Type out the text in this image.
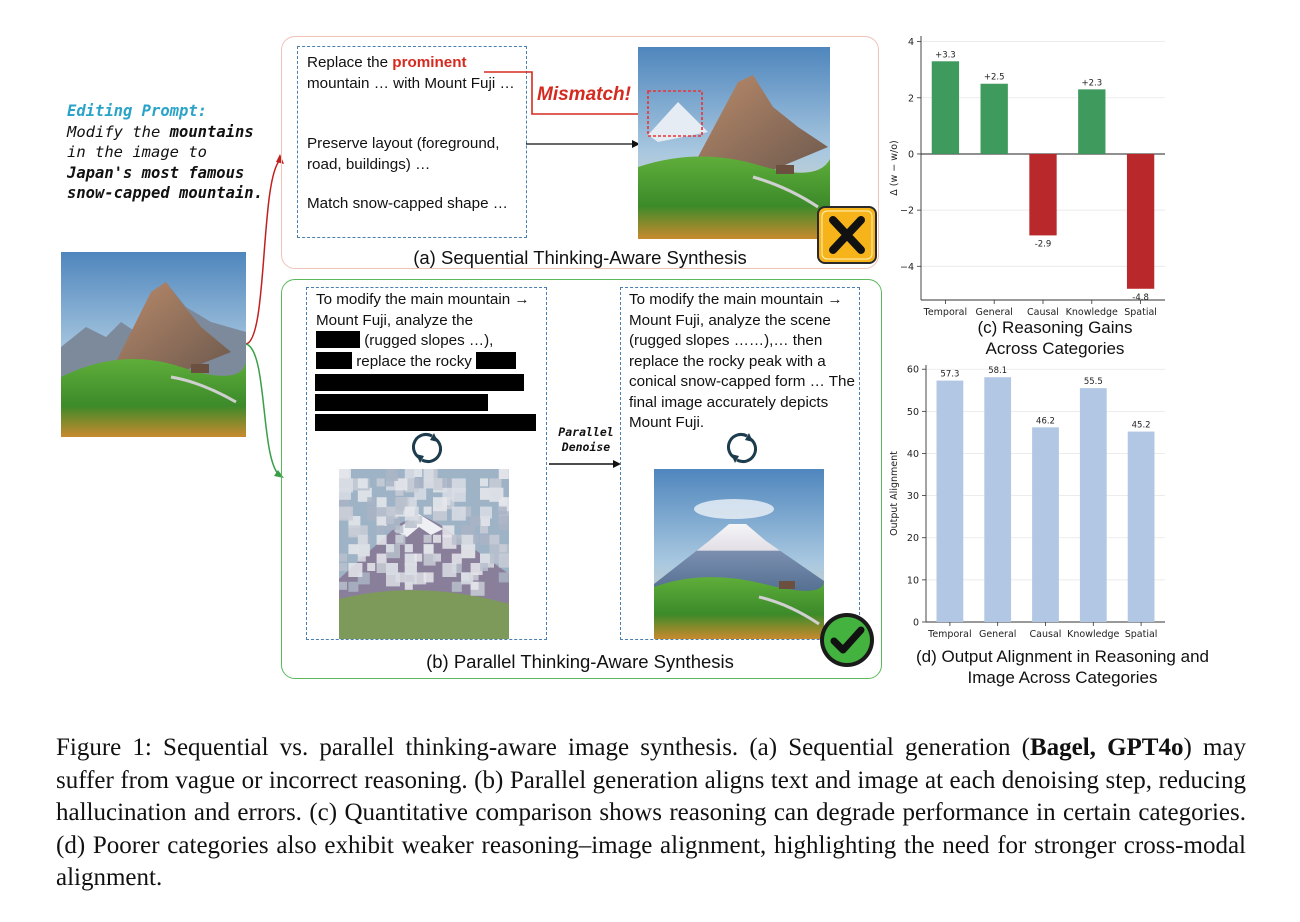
Editing Prompt:
Modify the mountains in the image to Japan's most famous snow-capped mountain.
Replace the prominent mountain … with Mount Fuji …
Preserve layout (foreground, road, buildings) …
Match snow-capped shape …
Mismatch!
(a) Sequential Thinking-Aware Synthesis
To modify the main mountain → Mount Fuji, analyze the
(rugged slopes …),
replace the rocky
Parallel
Denoise
To modify the main mountain → Mount Fuji, analyze the scene (rugged slopes ……),… then replace the rocky peak with a conical snow-capped form … The final image accurately depicts Mount Fuji.
(b) Parallel Thinking-Aware Synthesis
4
2
0
−2
−4
Δ (w − w/o)
+3.3
Temporal
+2.5
General
-2.9
Causal
+2.3
Knowledge
-4.8
Spatial
(c) Reasoning Gains
Across Categories
60
50
40
30
20
10
0
Output Alignment
57.3
Temporal
58.1
General
46.2
Causal
55.5
Knowledge
45.2
Spatial
(d) Output Alignment in Reasoning and
Image Across Categories
Figure 1: Sequential vs. parallel thinking-aware image synthesis. (a) Sequential generation (Bagel, GPT4o) may suffer from vague or incorrect reasoning. (b) Parallel generation aligns text and image at each denoising step, reducing hallucination and errors. (c) Quantitative comparison shows reasoning can degrade performance in certain categories. (d) Poorer categories also exhibit weaker reasoning–image alignment, highlighting the need for stronger cross-modal alignment.
